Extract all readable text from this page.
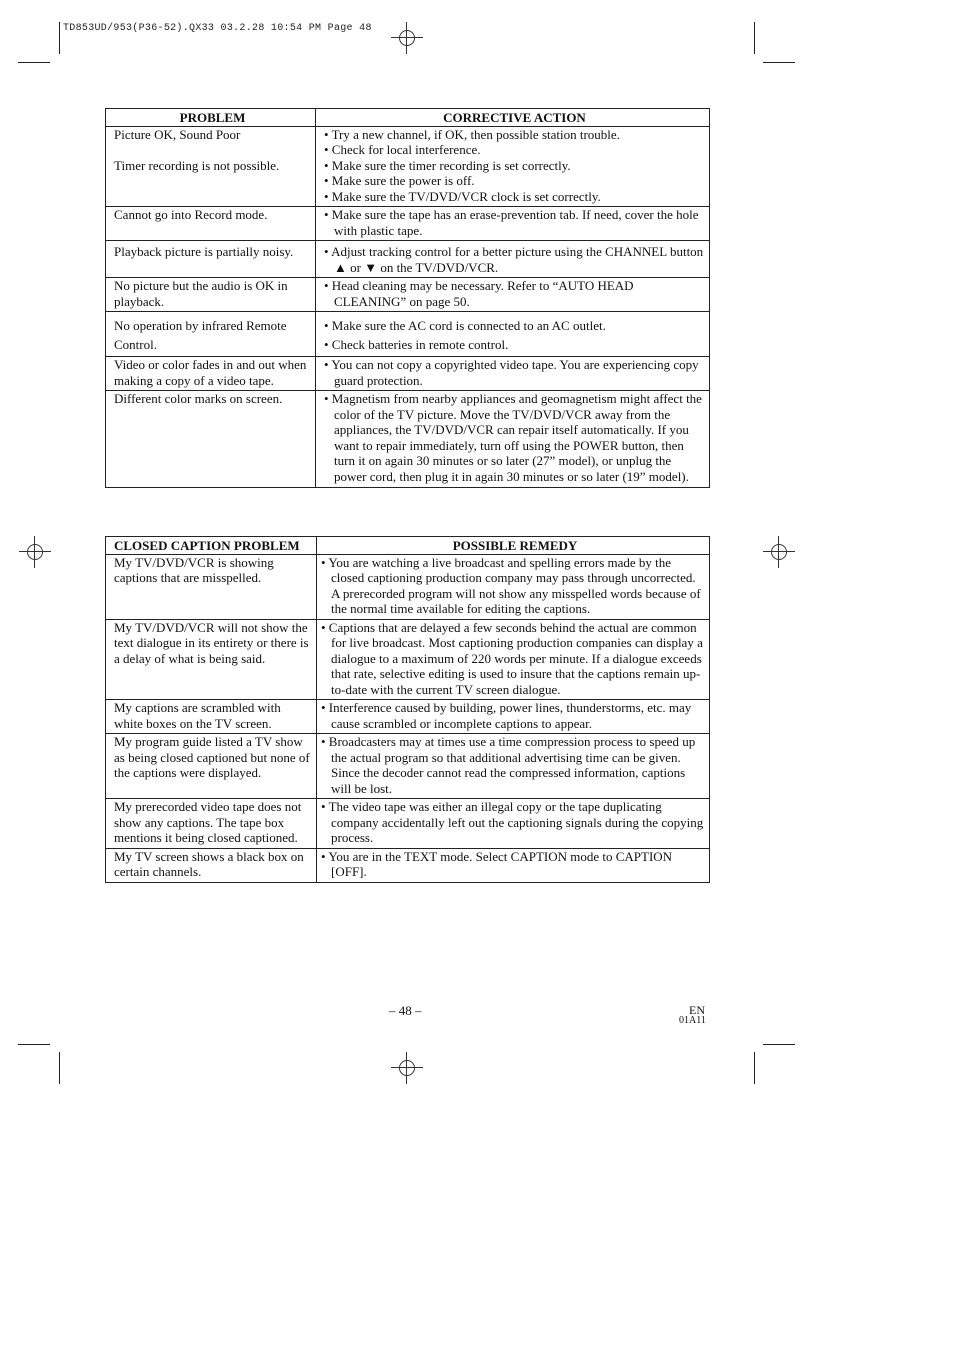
TD853UD/953(P36-52).QX33 03.2.28 10:54 PM Page 48
PROBLEM	CORRECTIVE ACTION
Picture OK, Sound Poor
Timer recording is not possible.	• Try a new channel, if OK, then possible station trouble.
• Check for local interference.
• Make sure the timer recording is set correctly.
• Make sure the power is off.
• Make sure the TV/DVD/VCR clock is set correctly.

Cannot go into Record mode.	• Make sure the tape has an erase-prevention tab. If need, cover the hole with plastic tape.

Playback picture is partially noisy.	• Adjust tracking control for a better picture using the CHANNEL button ▲ or ▼ on the TV/DVD/VCR.

No picture but the audio is OK in playback.	• Head cleaning may be necessary. Refer to “AUTO HEAD CLEANING” on page 50.

No operation by infrared Remote Control.	• Make sure the AC cord is connected to an AC outlet.
• Check batteries in remote control.

Video or color fades in and out when making a copy of a video tape.	• You can not copy a copyrighted video tape. You are experiencing copy guard protection.

Different color marks on screen.	• Magnetism from nearby appliances and geomagnetism might affect the color of the TV picture. Move the TV/DVD/VCR away from the appliances, the TV/DVD/VCR can repair itself automatically. If you want to repair immediately, turn off using the POWER button, then turn it on again 30 minutes or so later (27” model), or unplug the power cord, then plug it in again 30 minutes or so later (19” model).
CLOSED CAPTION PROBLEM	POSSIBLE REMEDY
My TV/DVD/VCR is showing captions that are misspelled.	• You are watching a live broadcast and spelling errors made by the closed captioning production company may pass through uncorrected. A prerecorded program will not show any misspelled words because of the normal time available for editing the captions.

My TV/DVD/VCR will not show the text dialogue in its entirety or there is a delay of what is being said.	• Captions that are delayed a few seconds behind the actual are common for live broadcast. Most captioning production companies can display a dialogue to a maximum of 220 words per minute. If a dialogue exceeds that rate, selective editing is used to insure that the captions remain up-to-date with the current TV screen dialogue.

My captions are scrambled with white boxes on the TV screen.	• Interference caused by building, power lines, thunderstorms, etc. may cause scrambled or incomplete captions to appear.

My program guide listed a TV show as being closed captioned but none of the captions were displayed.	• Broadcasters may at times use a time compression process to speed up the actual program so that additional advertising time can be given. Since the decoder cannot read the compressed information, captions will be lost.

My prerecorded video tape does not show any captions. The tape box mentions it being closed captioned.	• The video tape was either an illegal copy or the tape duplicating company accidentally left out the captioning signals during the copying process.

My TV screen shows a black box on certain channels.	• You are in the TEXT mode. Select CAPTION mode to CAPTION [OFF].
– 48 –	EN
01A11
